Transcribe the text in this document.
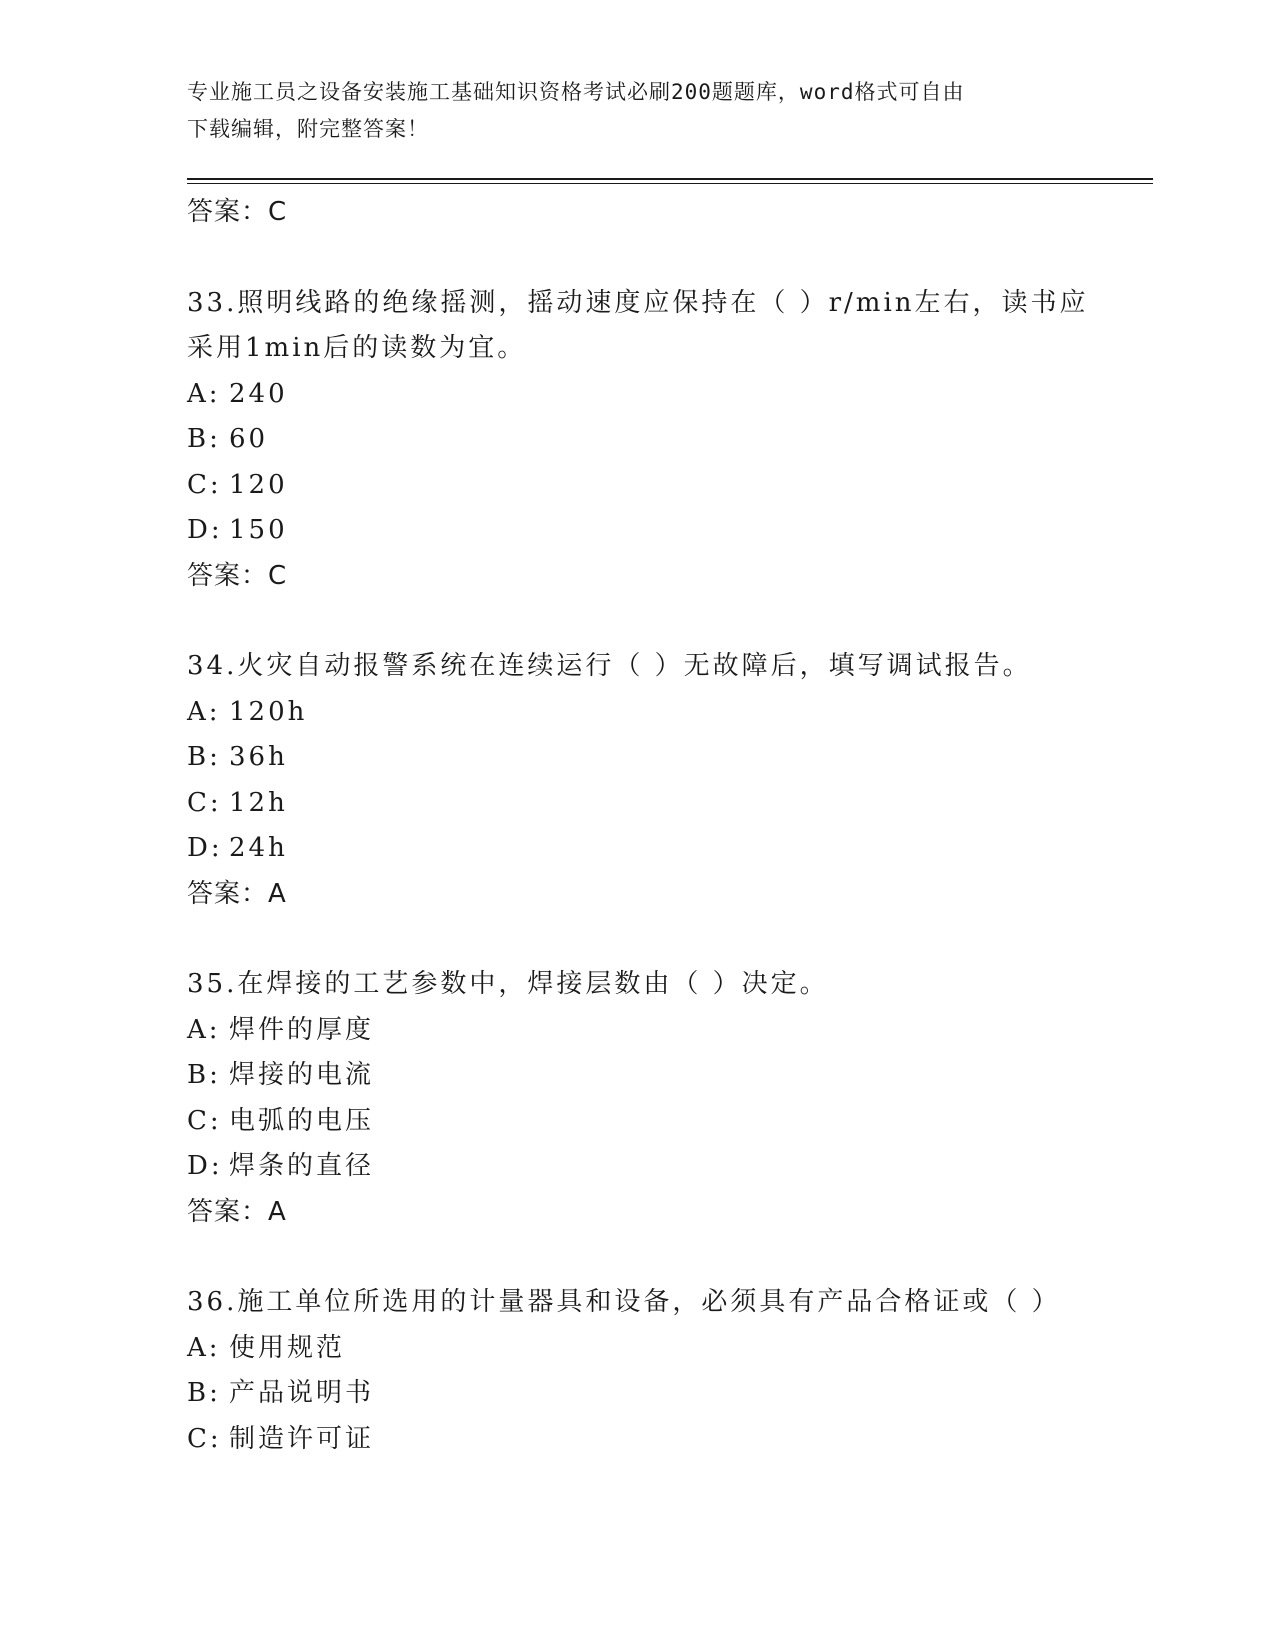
专业施工员之设备安装施工基础知识资格考试必刷200题题库，word格式可自由
下载编辑，附完整答案！
答案：C
33.照明线路的绝缘摇测，摇动速度应保持在（ ）r/min左右，读书应
采用1min后的读数为宜。
A: 240
B: 60
C: 120
D: 150
答案：C
34.火灾自动报警系统在连续运行（ ）无故障后，填写调试报告。
A: 120h
B: 36h
C: 12h
D: 24h
答案：A
35.在焊接的工艺参数中，焊接层数由（ ）决定。
A: 焊件的厚度
B: 焊接的电流
C: 电弧的电压
D: 焊条的直径
答案：A
36.施工单位所选用的计量器具和设备，必须具有产品合格证或（ ）
A: 使用规范
B: 产品说明书
C: 制造许可证
